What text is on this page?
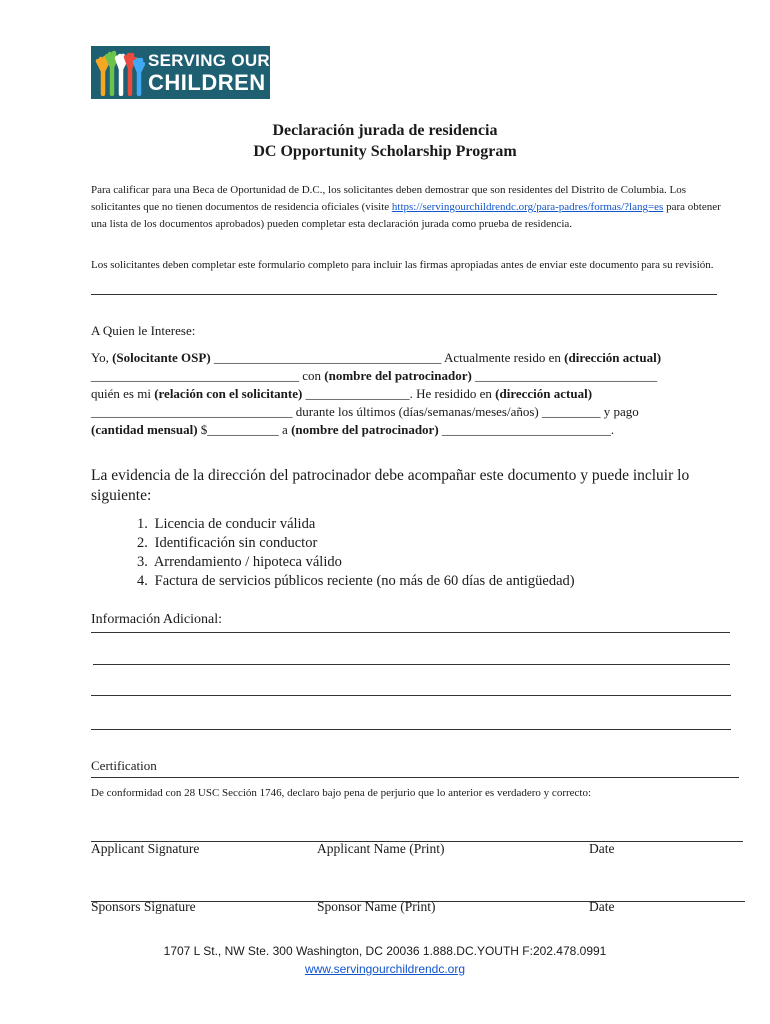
SERVING OUR
CHILDREN
Declaración jurada de residencia
DC Opportunity Scholarship Program
Para calificar para una Beca de Oportunidad de D.C., los solicitantes deben demostrar que son residentes del Distrito de Columbia. Los solicitantes que no tienen documentos de residencia oficiales (visite https://servingourchildrendc.org/para-padres/formas/?lang=es para obtener una lista de los documentos aprobados) pueden completar esta declaración jurada como prueba de residencia.
Los solicitantes deben completar este formulario completo para incluir las firmas apropiadas antes de enviar este documento para su revisión.
A Quien le Interese:
Yo, (Solocitante OSP) ___________________________________ Actualmente resido en (dirección actual) ________________________________ con (nombre del patrocinador) ____________________________ quién es mi (relación con el solicitante) ________________. He residido en (dirección actual) _______________________________ durante los últimos (días/semanas/meses/años) _________ y pago (cantidad mensual) $___________ a (nombre del patrocinador) __________________________.
La evidencia de la dirección del patrocinador debe acompañar este documento y puede incluir lo siguiente:
1. Licencia de conducir válida
2. Identificación sin conductor
3. Arrendamiento / hipoteca válido
4. Factura de servicios públicos reciente (no más de 60 días de antigüedad)
Información Adicional:
Certification
De conformidad con 28 USC Sección 1746, declaro bajo pena de perjurio que lo anterior es verdadero y correcto:
Applicant Signature	Applicant Name (Print)	Date
Sponsors Signature	Sponsor Name (Print)	Date
1707 L St., NW Ste. 300 Washington, DC 20036 1.888.DC.YOUTH F:202.478.0991
www.servingourchildrendc.org
